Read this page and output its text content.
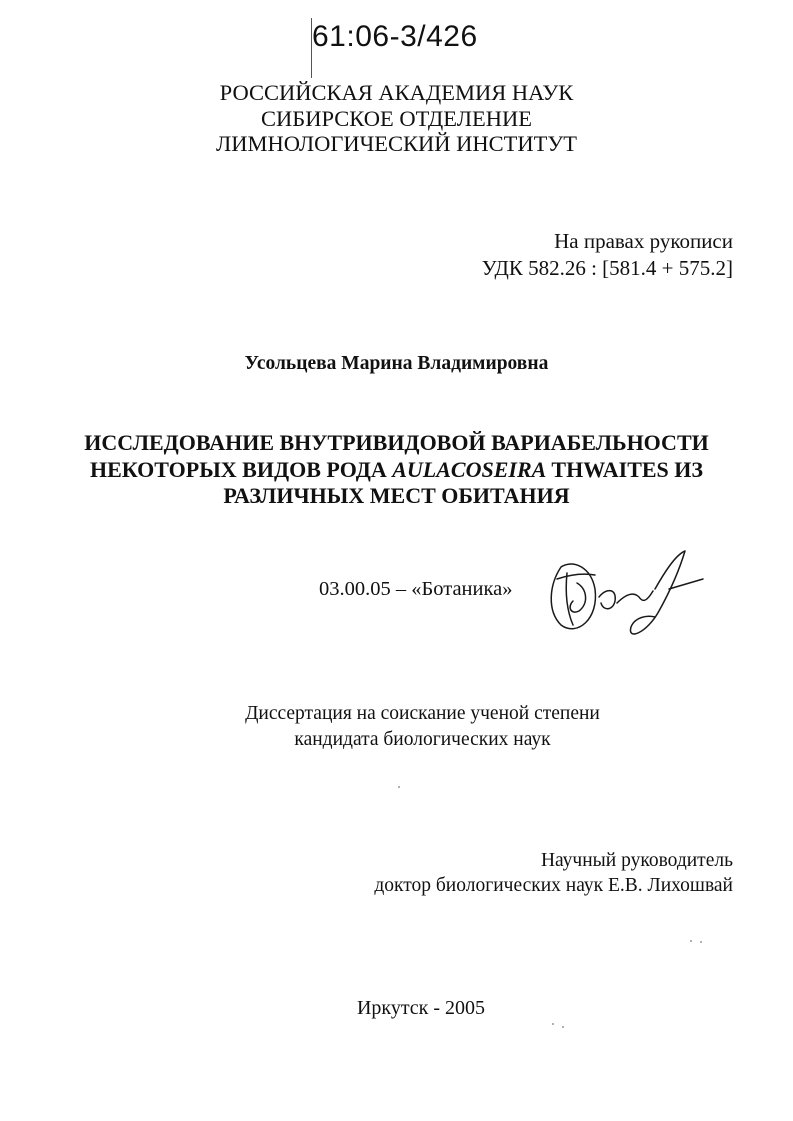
61:06-3/426
РОССИЙСКАЯ АКАДЕМИЯ НАУК
СИБИРСКОЕ ОТДЕЛЕНИЕ
ЛИМНОЛОГИЧЕСКИЙ ИНСТИТУТ
На правах рукописи
УДК 582.26 : [581.4 + 575.2]
Усольцева Марина Владимировна
ИССЛЕДОВАНИЕ ВНУТРИВИДОВОЙ ВАРИАБЕЛЬНОСТИ
НЕКОТОРЫХ ВИДОВ РОДА AULACOSEIRA THWAITES ИЗ
РАЗЛИЧНЫХ МЕСТ ОБИТАНИЯ
03.00.05 – «Ботаника»
Диссертация на соискание ученой степени
кандидата биологических наук
Научный руководитель
доктор биологических наук Е.В. Лихошвай
Иркутск - 2005
